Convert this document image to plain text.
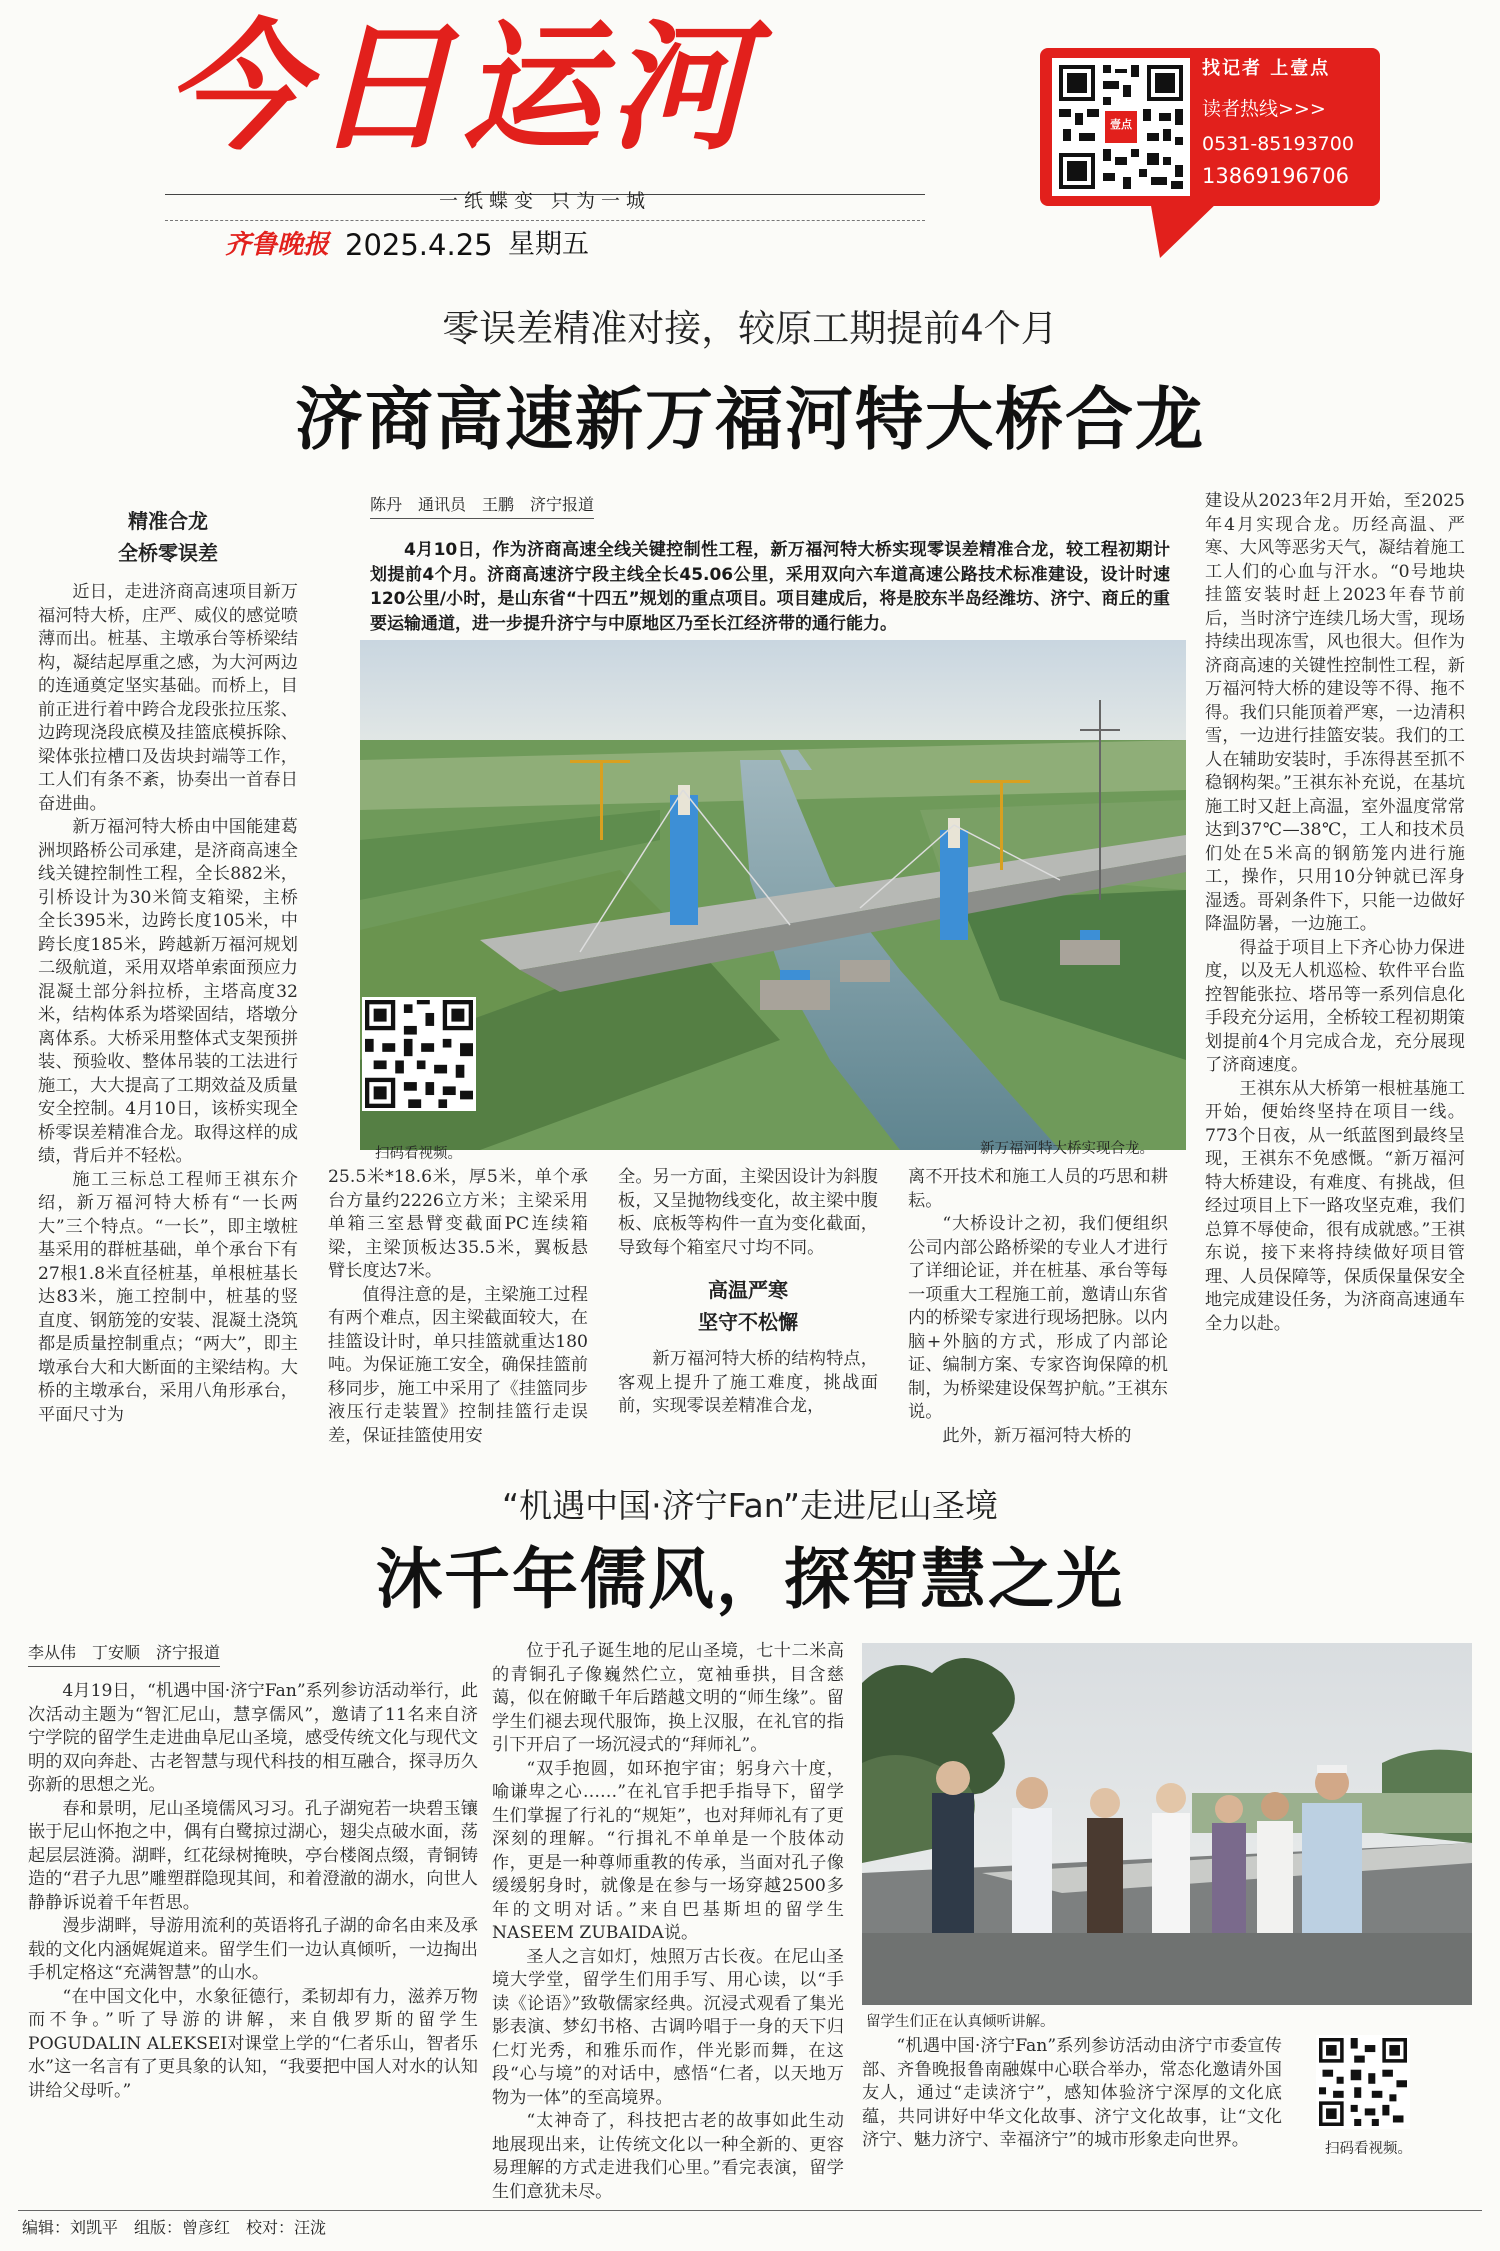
今日运河
一纸蝶变 只为一城
齐鲁晚报 2025.4.25 星期五
壹点
找记者 上壹点
读者热线>>>
0531-85193700
13869196706
零误差精准对接，较原工期提前4个月
济商高速新万福河特大桥合龙
精准合龙
全桥零误差

近日，走进济商高速项目新万福河特大桥，庄严、威仪的感觉喷薄而出。桩基、主墩承台等桥梁结构，凝结起厚重之感，为大河两边的连通奠定坚实基础。而桥上，目前正进行着中跨合龙段张拉压浆、边跨现浇段底模及挂篮底模拆除、梁体张拉槽口及齿块封端等工作，工人们有条不紊，协奏出一首春日奋进曲。

新万福河特大桥由中国能建葛洲坝路桥公司承建，是济商高速全线关键控制性工程，全长882米，引桥设计为30米简支箱梁，主桥全长395米，边跨长度105米，中跨长度185米，跨越新万福河规划二级航道，采用双塔单索面预应力混凝土部分斜拉桥，主塔高度32米，结构体系为塔梁固结，塔墩分离体系。大桥采用整体式支架预拼装、预验收、整体吊装的工法进行施工，大大提高了工期效益及质量安全控制。4月10日，该桥实现全桥零误差精准合龙。取得这样的成绩，背后并不轻松。

施工三标总工程师王祺东介绍，新万福河特大桥有“一长两大”三个特点。“一长”，即主墩桩基采用的群桩基础，单个承台下有27根1.8米直径桩基，单根桩基长达83米，施工控制中，桩基的竖直度、钢筋笼的安装、混凝土浇筑都是质量控制重点；“两大”，即主墩承台大和大断面的主梁结构。大桥的主墩承台，采用八角形承台，平面尺寸为

陈丹　通讯员　王鹏　济宁报道

4月10日，作为济商高速全线关键控制性工程，新万福河特大桥实现零误差精准合龙，较工程初期计划提前4个月。济商高速济宁段主线全长45.06公里，采用双向六车道高速公路技术标准建设，设计时速120公里/小时，是山东省“十四五”规划的重点项目。项目建成后，将是胶东半岛经潍坊、济宁、商丘的重要运输通道，进一步提升济宁与中原地区乃至长江经济带的通行能力。

扫码看视频。	新万福河特大桥实现合龙。

25.5米*18.6米，厚5米，单个承台方量约2226立方米；主梁采用单箱三室悬臂变截面PC连续箱梁，主梁顶板达35.5米，翼板悬臂长度达7米。

值得注意的是，主梁施工过程有两个难点，因主梁截面较大，在挂篮设计时，单只挂篮就重达180吨。为保证施工安全，确保挂篮前移同步，施工中采用了《挂篮同步液压行走装置》控制挂篮行走误差，保证挂篮使用安

全。另一方面，主梁因设计为斜腹板，又呈抛物线变化，故主梁中腹板、底板等构件一直为变化截面，导致每个箱室尺寸均不同。

高温严寒
坚守不松懈

新万福河特大桥的结构特点，客观上提升了施工难度，挑战面前，实现零误差精准合龙，

离不开技术和施工人员的巧思和耕耘。

“大桥设计之初，我们便组织公司内部公路桥梁的专业人才进行了详细论证，并在桩基、承台等每一项重大工程施工前，邀请山东省内的桥梁专家进行现场把脉。以内脑+外脑的方式，形成了内部论证、编制方案、专家咨询保障的机制，为桥梁建设保驾护航。”王祺东说。

此外，新万福河特大桥的

建设从2023年2月开始，至2025年4月实现合龙。历经高温、严寒、大风等恶劣天气，凝结着施工工人们的心血与汗水。“0号地块挂篮安装时赶上2023年春节前后，当时济宁连续几场大雪，现场持续出现冻雪，风也很大。但作为济商高速的关键性控制性工程，新万福河特大桥的建设等不得、拖不得。我们只能顶着严寒，一边清积雪，一边进行挂篮安装。我们的工人在辅助安装时，手冻得甚至抓不稳钢构架。”王祺东补充说，在基坑施工时又赶上高温，室外温度常常达到37℃—38℃，工人和技术员们处在5米高的钢筋笼内进行施工，操作，只用10分钟就已浑身湿透。哥剁条件下，只能一边做好降温防暑，一边施工。

得益于项目上下齐心协力保进度，以及无人机巡检、软件平台监控智能张拉、塔吊等一系列信息化手段充分运用，全桥较工程初期策划提前4个月完成合龙，充分展现了济商速度。

王祺东从大桥第一根桩基施工开始，便始终坚持在项目一线。773个日夜，从一纸蓝图到最终呈现，王祺东不免感慨。“新万福河特大桥建设，有难度、有挑战，但经过项目上下一路攻坚克难，我们总算不辱使命，很有成就感。”王祺东说，接下来将持续做好项目管理、人员保障等，保质保量保安全地完成建设任务，为济商高速通车全力以赴。

“机遇中国·济宁Fan”走进尼山圣境
沐千年儒风，探智慧之光
李从伟　丁安顺　济宁报道

4月19日，“机遇中国·济宁Fan”系列参访活动举行，此次活动主题为“智汇尼山，慧享儒风”，邀请了11名来自济宁学院的留学生走进曲阜尼山圣境，感受传统文化与现代文明的双向奔赴、古老智慧与现代科技的相互融合，探寻历久弥新的思想之光。

春和景明，尼山圣境儒风习习。孔子湖宛若一块碧玉镶嵌于尼山怀抱之中，偶有白鹭掠过湖心，翅尖点破水面，荡起层层涟漪。湖畔，红花绿树掩映，亭台楼阁点缀，青铜铸造的“君子九思”雕塑群隐现其间，和着澄澈的湖水，向世人静静诉说着千年哲思。

漫步湖畔，导游用流利的英语将孔子湖的命名由来及承载的文化内涵娓娓道来。留学生们一边认真倾听，一边掏出手机定格这“充满智慧”的山水。

“在中国文化中，水象征德行，柔韧却有力，滋养万物而不争。”听了导游的讲解，来自俄罗斯的留学生POGUDALIN ALEKSEI对课堂上学的“仁者乐山，智者乐水”这一名言有了更具象的认知，“我要把中国人对水的认知讲给父母听。”

位于孔子诞生地的尼山圣境，七十二米高的青铜孔子像巍然伫立，宽袖垂拱，目含慈蔼，似在俯瞰千年后踏越文明的“师生缘”。留学生们褪去现代服饰，换上汉服，在礼官的指引下开启了一场沉浸式的“拜师礼”。

“双手抱圆，如环抱宇宙；躬身六十度，喻谦卑之心……”在礼官手把手指导下，留学生们掌握了行礼的“规矩”，也对拜师礼有了更深刻的理解。“行揖礼不单单是一个肢体动作，更是一种尊师重教的传承，当面对孔子像缓缓躬身时，就像是在参与一场穿越2500多年的文明对话。”来自巴基斯坦的留学生NASEEM ZUBAIDA说。

圣人之言如灯，烛照万古长夜。在尼山圣境大学堂，留学生们用手写、用心读，以“手读《论语》”致敬儒家经典。沉浸式观看了集光影表演、梦幻书格、古调吟唱于一身的天下归仁灯光秀，和雅乐而作，伴光影而舞，在这段“心与境”的对话中，感悟“仁者，以天地万物为一体”的至高境界。

“太神奇了，科技把古老的故事如此生动地展现出来，让传统文化以一种全新的、更容易理解的方式走进我们心里。”看完表演，留学生们意犹未尽。

留学生们正在认真倾听讲解。

“机遇中国·济宁Fan”系列参访活动由济宁市委宣传部、齐鲁晚报鲁南融媒中心联合举办，常态化邀请外国友人，通过“走读济宁”，感知体验济宁深厚的文化底蕴，共同讲好中华文化故事、济宁文化故事，让“文化济宁、魅力济宁、幸福济宁”的城市形象走向世界。	扫码看视频。
编辑：刘凯平　组版：曾彦红　校对：汪泷
